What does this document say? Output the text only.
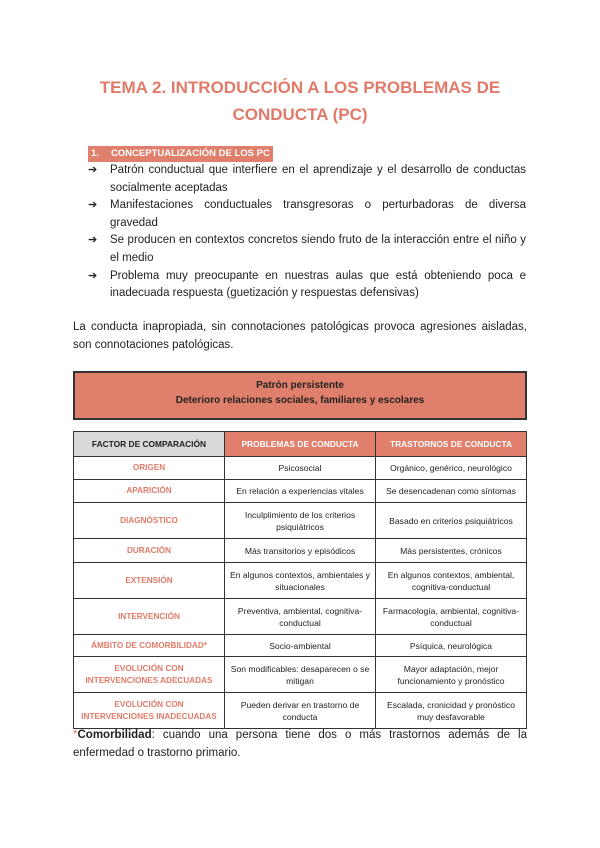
TEMA 2. INTRODUCCIÓN A LOS PROBLEMAS DE
CONDUCTA (PC)
1. CONCEPTUALIZACIÓN DE LOS PC
➔ Patrón conductual que interfiere en el aprendizaje y el desarrollo de conductas socialmente aceptadas
➔ Manifestaciones conductuales transgresoras o perturbadoras de diversa gravedad
➔ Se producen en contextos concretos siendo fruto de la interacción entre el niño y el medio
➔ Problema muy preocupante en nuestras aulas que está obteniendo poca e inadecuada respuesta (guetización y respuestas defensivas)
La conducta inapropiada, sin connotaciones patológicas provoca agresiones aisladas, son connotaciones patológicas.
Patrón persistente
Deterioro relaciones sociales, familiares y escolares
FACTOR DE COMPARACIÓN	PROBLEMAS DE CONDUCTA	TRASTORNOS DE CONDUCTA
ORIGEN	Psicosocial	Orgánico, genérico, neurológico
APARICIÓN	En relación a experiencias vitales	Se desencadenan como síntomas
DIAGNÓSTICO	Inculplimiento de los criterios psiquiátricos	Basado en criterios psiquiátricos
DURACIÓN	Más transitorios y episódicos	Más persistentes, crónicos
EXTENSIÓN	En algunos contextos, ambientales y situacionales	En algunos contextos, ambiental, cognitiva-conductual
INTERVENCIÓN	Preventiva, ambiental, cognitiva-conductual	Farmacología, ambiental, cognitiva-conductual
ÁMBITO DE COMORBILIDAD*	Socio-ambiental	Psíquica, neurológica
EVOLUCIÓN CON INTERVENCIONES ADECUADAS	Son modificables: desaparecen o se mitigan	Mayor adaptación, mejor funcionamiento y pronóstico
EVOLUCIÓN CON INTERVENCIONES INADECUADAS	Pueden derivar en trastorno de conducta	Escalada, cronicidad y pronóstico muy desfavorable
*Comorbilidad: cuando una persona tiene dos o más trastornos además de la enfermedad o trastorno primario.
